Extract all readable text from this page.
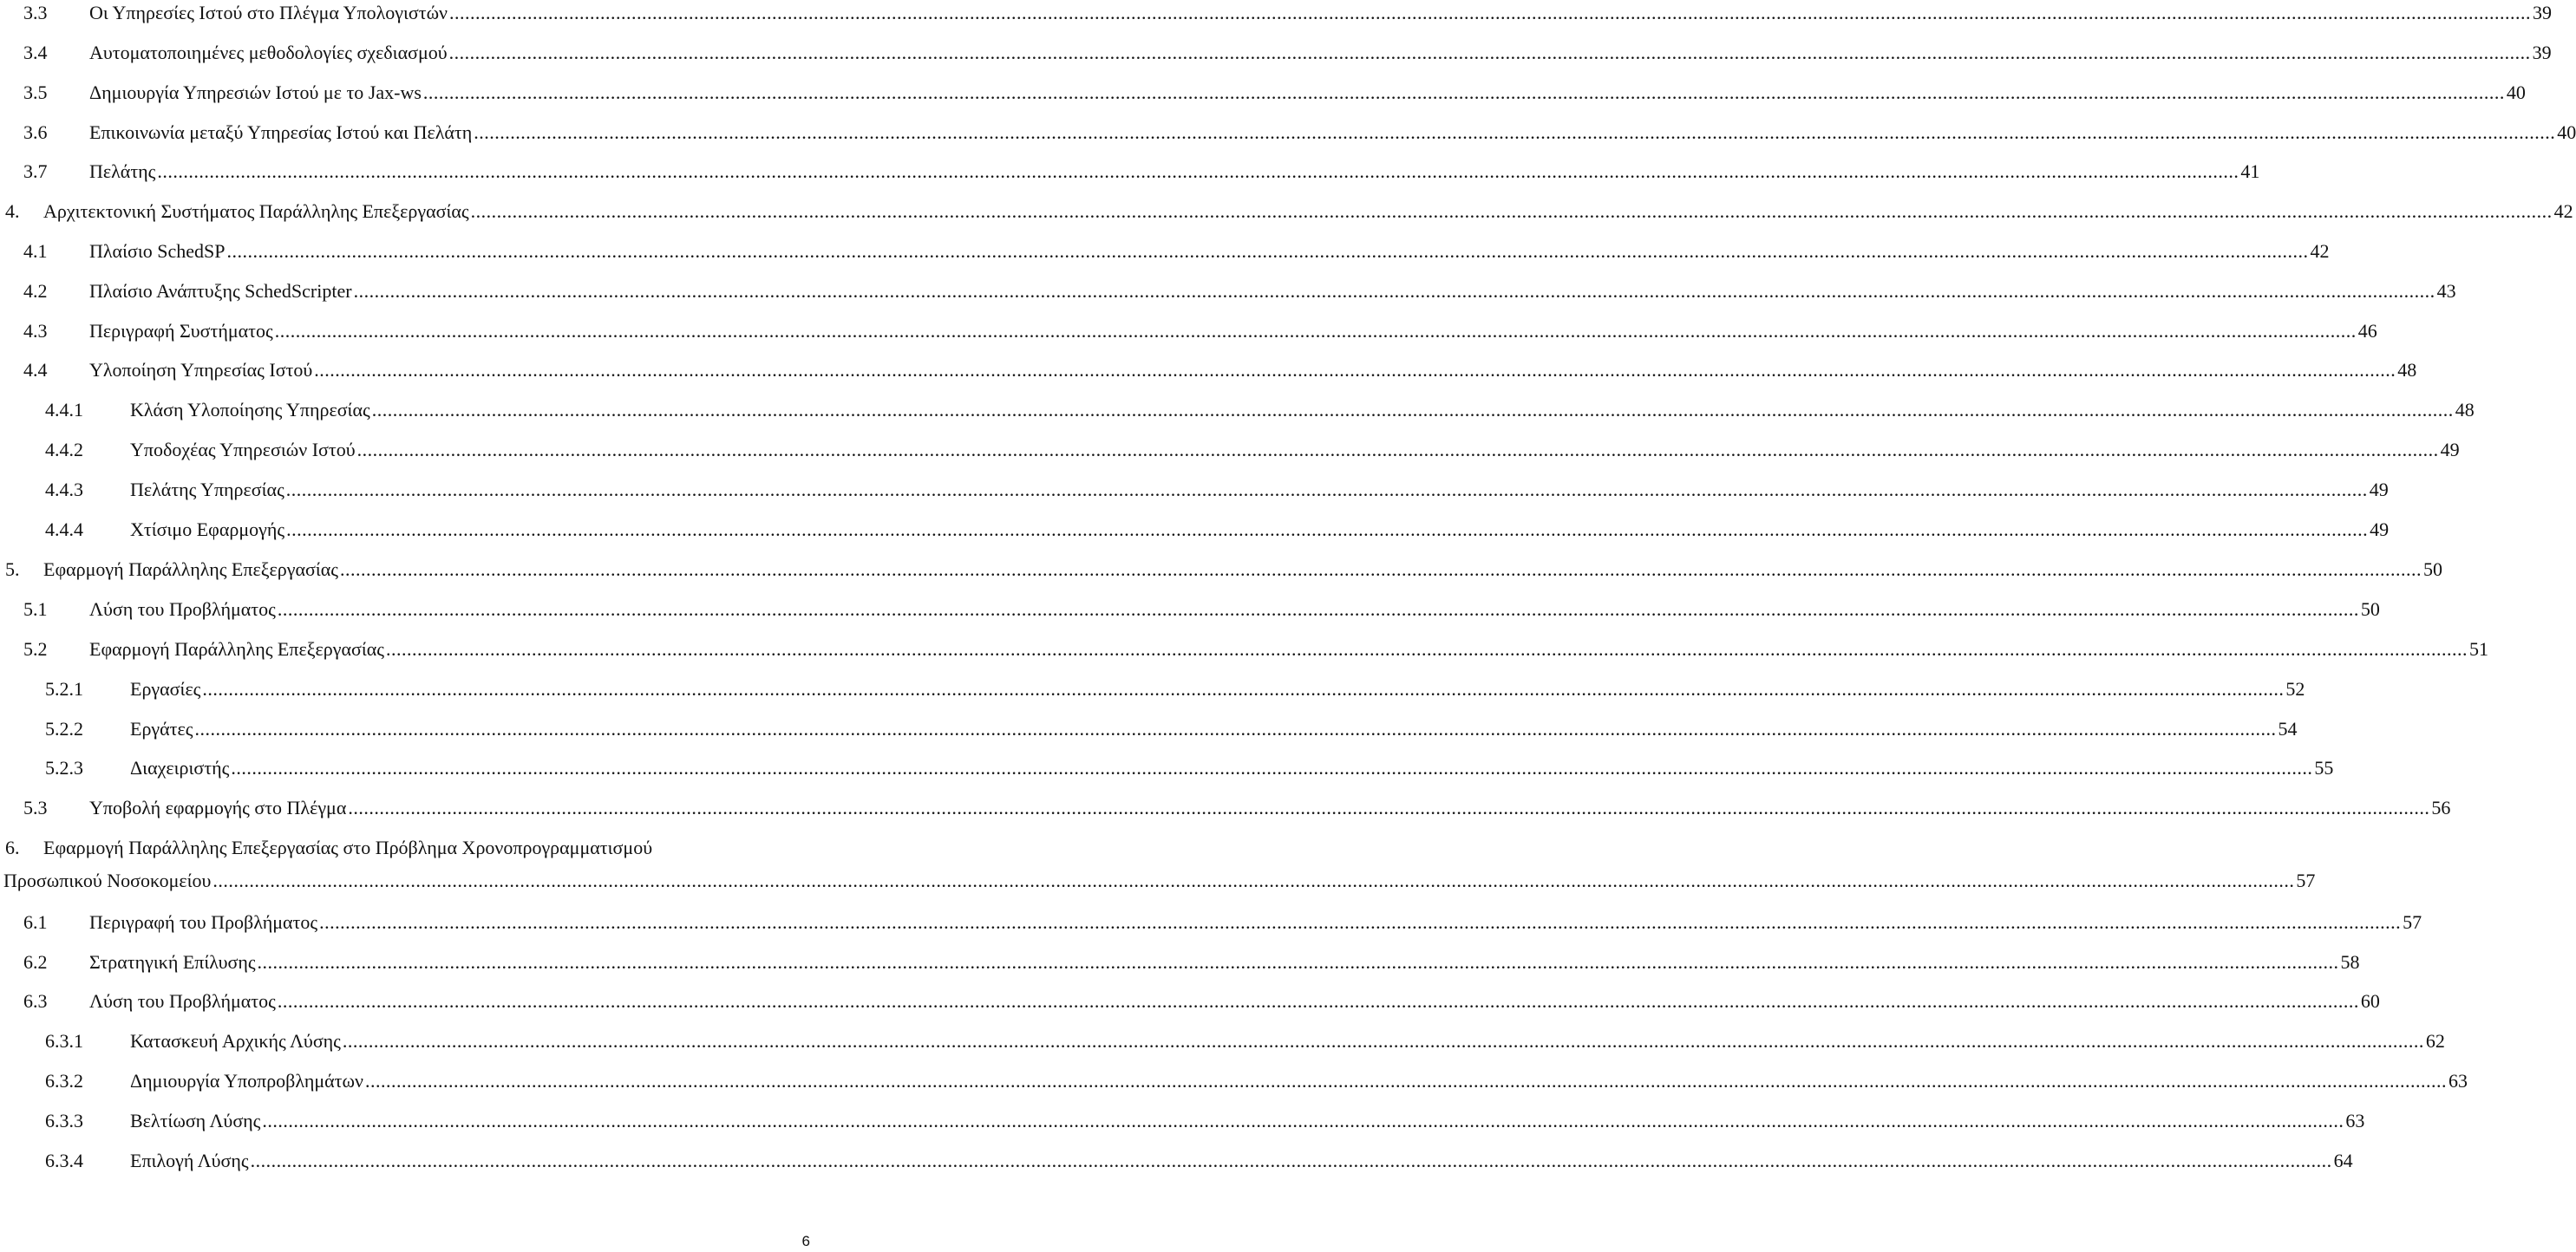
3.3	Οι Υπηρεσίες Ιστού στο Πλέγμα Υπολογιστών ................................................................................................................................................................................................................................................................................................................................................................................................................ 39
3.4	Αυτοματοποιημένες μεθοδολογίες σχεδιασμού ................................................................................................................................................................................................................................................................................................................................................................................................................ 39
3.5	Δημιουργία Υπηρεσιών Ιστού με το Jax-ws ................................................................................................................................................................................................................................................................................................................................................................................................................ 40
3.6	Επικοινωνία μεταξύ Υπηρεσίας Ιστού και Πελάτη ................................................................................................................................................................................................................................................................................................................................................................................................................ 40
3.7	Πελάτης ................................................................................................................................................................................................................................................................................................................................................................................................................ 41
4.	Αρχιτεκτονική Συστήματος Παράλληλης Επεξεργασίας ................................................................................................................................................................................................................................................................................................................................................................................................................ 42
4.1	Πλαίσιο SchedSP ................................................................................................................................................................................................................................................................................................................................................................................................................ 42
4.2	Πλαίσιο Ανάπτυξης SchedScripter ................................................................................................................................................................................................................................................................................................................................................................................................................ 43
4.3	Περιγραφή Συστήματος ................................................................................................................................................................................................................................................................................................................................................................................................................ 46
4.4	Υλοποίηση Υπηρεσίας Ιστού ................................................................................................................................................................................................................................................................................................................................................................................................................ 48
4.4.1	Κλάση Υλοποίησης Υπηρεσίας ................................................................................................................................................................................................................................................................................................................................................................................................................ 48
4.4.2	Υποδοχέας Υπηρεσιών Ιστού ................................................................................................................................................................................................................................................................................................................................................................................................................ 49
4.4.3	Πελάτης Υπηρεσίας ................................................................................................................................................................................................................................................................................................................................................................................................................ 49
4.4.4	Χτίσιμο Εφαρμογής ................................................................................................................................................................................................................................................................................................................................................................................................................ 49
5.	Εφαρμογή Παράλληλης Επεξεργασίας ................................................................................................................................................................................................................................................................................................................................................................................................................ 50
5.1	Λύση του Προβλήματος ................................................................................................................................................................................................................................................................................................................................................................................................................ 50
5.2	Εφαρμογή Παράλληλης Επεξεργασίας ................................................................................................................................................................................................................................................................................................................................................................................................................ 51
5.2.1	Εργασίες ................................................................................................................................................................................................................................................................................................................................................................................................................ 52
5.2.2	Εργάτες ................................................................................................................................................................................................................................................................................................................................................................................................................ 54
5.2.3	Διαχειριστής ................................................................................................................................................................................................................................................................................................................................................................................................................ 55
5.3	Υποβολή εφαρμογής στο Πλέγμα ................................................................................................................................................................................................................................................................................................................................................................................................................ 56
6.	Εφαρμογή Παράλληλης Επεξεργασίας στο Πρόβλημα Χρονοπρογραμματισμού
Προσωπικού Νοσοκομείου ................................................................................................................................................................................................................................................................................................................................................................................................................ 57
6.1	Περιγραφή του Προβλήματος ................................................................................................................................................................................................................................................................................................................................................................................................................ 57
6.2	Στρατηγική Επίλυσης ................................................................................................................................................................................................................................................................................................................................................................................................................ 58
6.3	Λύση του Προβλήματος ................................................................................................................................................................................................................................................................................................................................................................................................................ 60
6.3.1	Κατασκευή Αρχικής Λύσης ................................................................................................................................................................................................................................................................................................................................................................................................................ 62
6.3.2	Δημιουργία Υποπροβλημάτων ................................................................................................................................................................................................................................................................................................................................................................................................................ 63
6.3.3	Βελτίωση Λύσης ................................................................................................................................................................................................................................................................................................................................................................................................................ 63
6.3.4	Επιλογή Λύσης ................................................................................................................................................................................................................................................................................................................................................................................................................ 64
6
